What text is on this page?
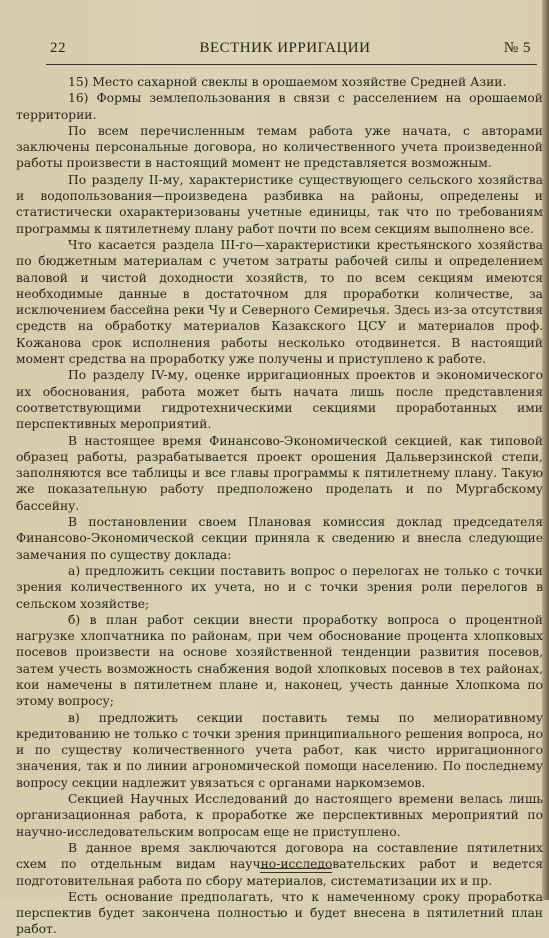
22	ВЕСТНИК ИРРИГАЦИИ	№ 5

15) Место сахарной свеклы в орошаемом хозяйстве Средней Азии.

16) Формы землепользования в связи с расселением на орошаемой территории.

По всем перечисленным темам работа уже начата, с авторами заключены персональные договора, но количественного учета произведенной работы произвести в настоящий момент не представляется возможным.

По разделу II-му, характеристике существующего сельского хозяйства и водопользования—произведена разбивка на районы, определены и статистически охарактеризованы учетные единицы, так что по требованиям программы к пятилетнему плану работ почти по всем секциям выполнено все.

Что касается раздела III-го—характеристики крестьянского хозяйства по бюджетным материалам с учетом затраты рабочей силы и определением валовой и чистой доходности хозяйств, то по всем секциям имеются необходимые данные в достаточном для проработки количестве, за исключением бассейна реки Чу и Северного Семиречья. Здесь из-за отсутствия средств на обработку материалов Казакского ЦСУ и материалов проф. Кожанова срок исполнения работы несколько отодвинется. В настоящий момент средства на проработку уже получены и приступлено к работе.

По разделу IV-му, оценке ирригационных проектов и экономического их обоснования, работа может быть начата лишь после представления соответствующими гидротехническими секциями проработанных ими перспективных мероприятий.

В настоящее время Финансово-Экономической секцией, как типовой образец работы, разрабатывается проект орошения Дальверзинской степи, заполняются все таблицы и все главы программы к пятилетнему плану. Такую же показательную работу предположено проделать и по Мургабскому бассейну.

В постановлении своем Плановая комиссия доклад председателя Финансово-Экономической секции приняла к сведению и внесла следующие замечания по существу доклада:

а) предложить секции поставить вопрос о перелогах не только с точки зрения количественного их учета, но и с точки зрения роли перелогов в сельском хозяйстве;

б) в план работ секции внести проработку вопроса о процентной нагрузке хлопчатника по районам, при чем обоснование процента хлопковых посевов произвести на основе хозяйственной тенденции развития посевов, затем учесть возможность снабжения водой хлопковых посевов в тех районах, кои намечены в пятилетнем плане и, наконец, учесть данные Хлопкома по этому вопросу;

в) предложить секции поставить темы по мелиоративному кредитованию не только с точки зрения принципиального решения вопроса, но и по существу количественного учета работ, как чисто ирригационного значения, так и по линии агрономической помощи населению. По последнему вопросу секции надлежит увязаться с органами наркомземов.

Секцией Научных Исследований до настоящего времени велась лишь организационная работа, к проработке же перспективных мероприятий по научно-исследовательским вопросам еще не приступлено.

В данное время заключаются договора на составление пятилетних схем по отдельным видам научно-исследовательских работ и ведется подготовительная работа по сбору материалов, систематизации их и пр.

Есть основание предполагать, что к намеченному сроку проработка перспектив будет закончена полностью и будет внесена в пятилетний план работ.
